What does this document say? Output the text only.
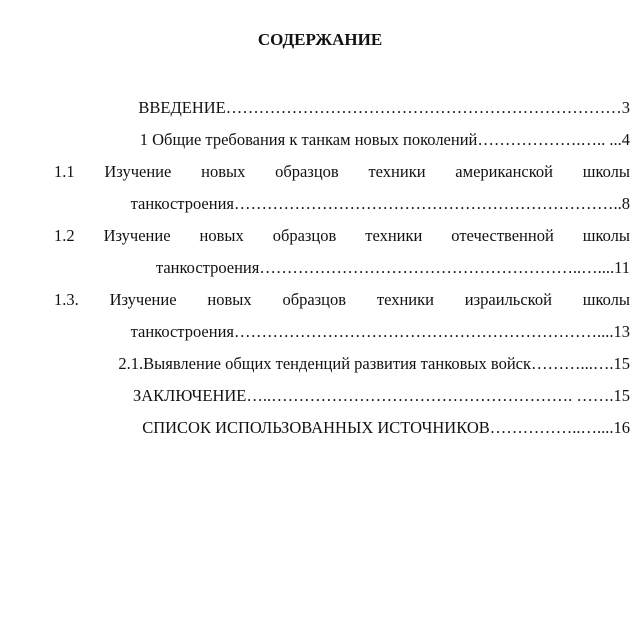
СОДЕРЖАНИЕ
ВВЕДЕНИЕ………………………………………………………………3
1 Общие требования к танкам новых поколений……………….….. ...4
1.1 Изучение новых образцов техники американской школы
танкостроения……………………………………………………………..8
1.2 Изучение новых образцов техники отечественной школы
танкостроения…………………………………………………..…....11
1.3. Изучение новых образцов техники израильской школы
танкостроения…………………………………………………………....13
2.1.Выявление общих тенденций развития танковых войск………...….15
ЗАКЛЮЧЕНИЕ…..………………………………………………. …….15
СПИСОК ИСПОЛЬЗОВАННЫХ ИСТОЧНИКОВ……………..…....16
